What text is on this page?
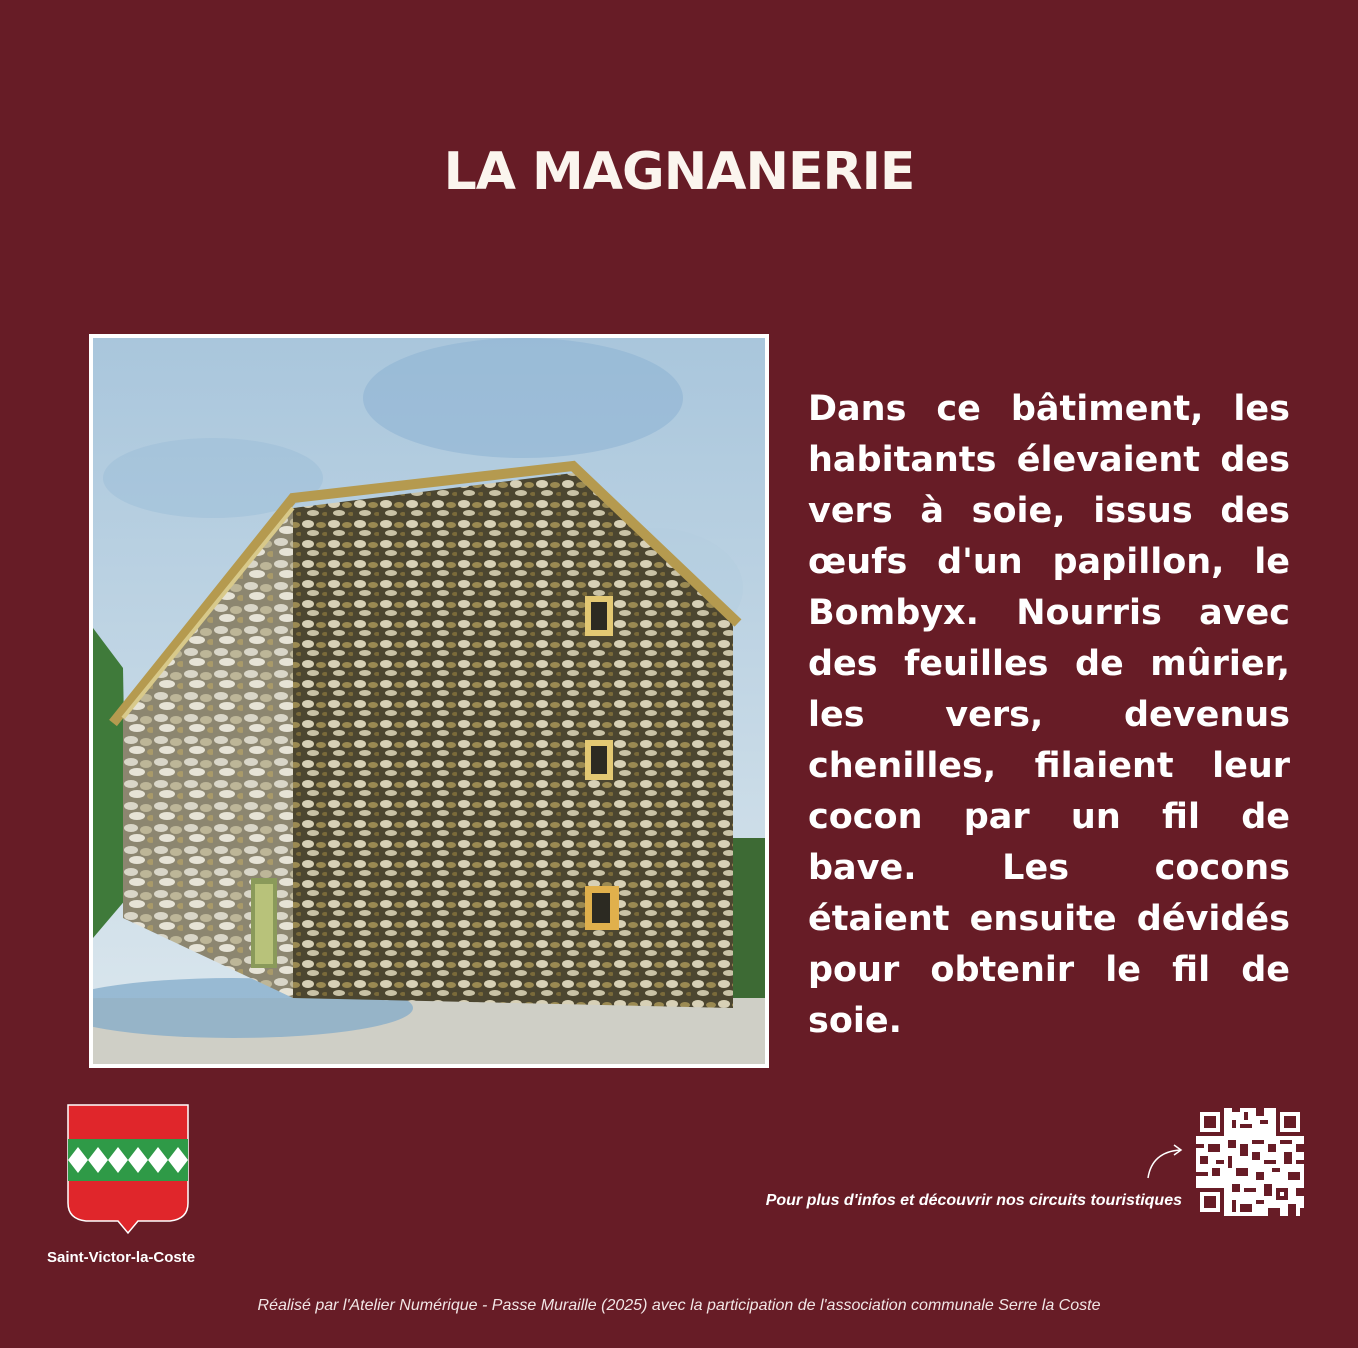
LA MAGNANERIE
Dans ce bâtiment, les habitants élevaient des vers à soie, issus des œufs d'un papillon, le Bombyx. Nourris avec des feuilles de mûrier, les vers, devenus chenilles, filaient leur cocon par un fil de bave. Les cocons étaient ensuite dévidés pour obtenir le fil de soie.
Saint-Victor-la-Coste
Pour plus d'infos et découvrir nos circuits touristiques
Réalisé par l'Atelier Numérique - Passe Muraille (2025) avec la participation de l'association communale Serre la Coste
